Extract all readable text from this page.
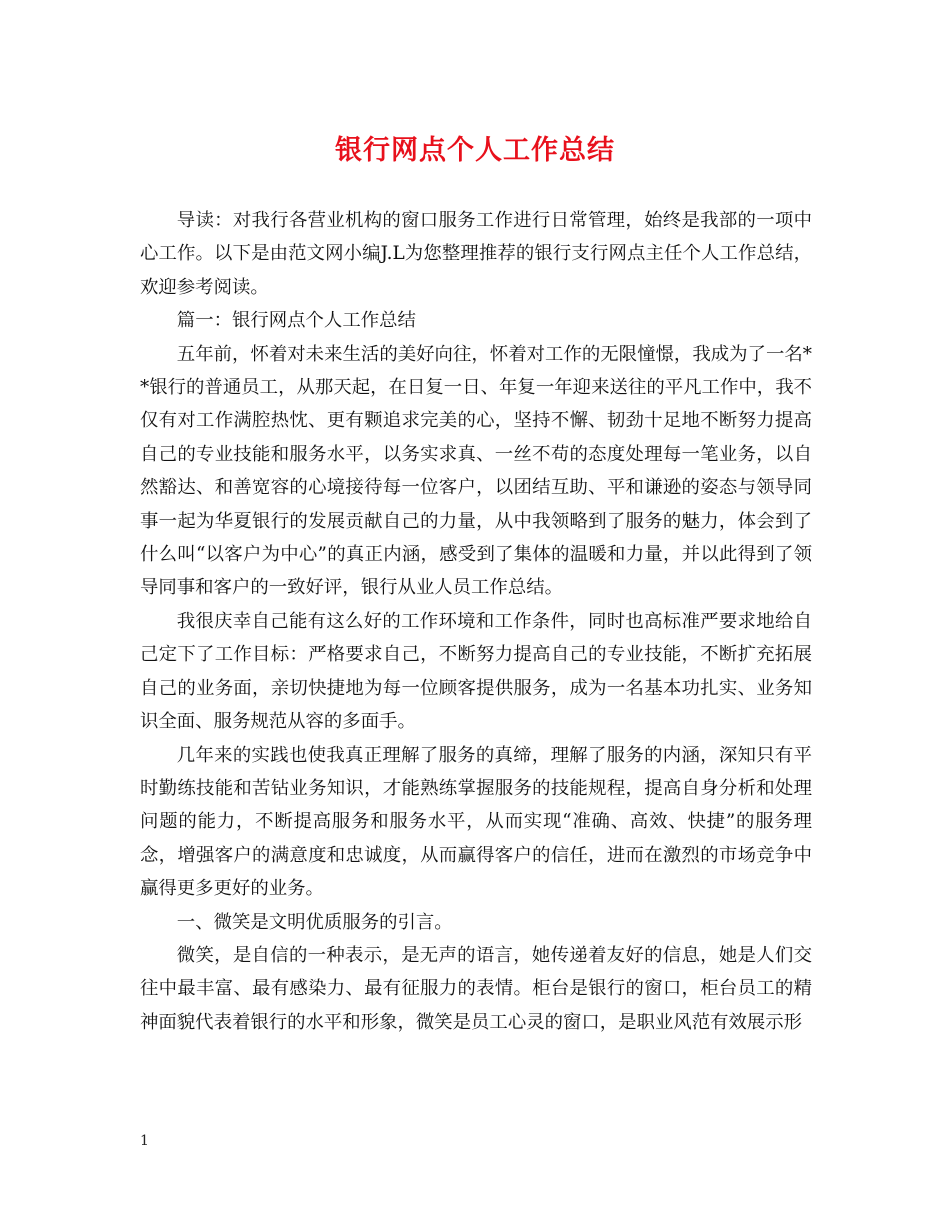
银行网点个人工作总结

导读：对我行各营业机构的窗口服务工作进行日常管理，始终是我部的一项中心工作。以下是由范文网小编J.L为您整理推荐的银行支行网点主任个人工作总结，欢迎参考阅读。

篇一：银行网点个人工作总结

五年前，怀着对未来生活的美好向往，怀着对工作的无限憧憬，我成为了一名**银行的普通员工，从那天起，在日复一日、年复一年迎来送往的平凡工作中，我不仅有对工作满腔热忱、更有颗追求完美的心，坚持不懈、韧劲十足地不断努力提高自己的专业技能和服务水平，以务实求真、一丝不苟的态度处理每一笔业务，以自然豁达、和善宽容的心境接待每一位客户，以团结互助、平和谦逊的姿态与领导同事一起为华夏银行的发展贡献自己的力量，从中我领略到了服务的魅力，体会到了什么叫“以客户为中心”的真正内涵，感受到了集体的温暖和力量，并以此得到了领导同事和客户的一致好评，银行从业人员工作总结。

我很庆幸自己能有这么好的工作环境和工作条件，同时也高标准严要求地给自己定下了工作目标：严格要求自己，不断努力提高自己的专业技能，不断扩充拓展自己的业务面，亲切快捷地为每一位顾客提供服务，成为一名基本功扎实、业务知识全面、服务规范从容的多面手。

几年来的实践也使我真正理解了服务的真缔，理解了服务的内涵，深知只有平时勤练技能和苦钻业务知识，才能熟练掌握服务的技能规程，提高自身分析和处理问题的能力，不断提高服务和服务水平，从而实现“准确、高效、快捷”的服务理念，增强客户的满意度和忠诚度，从而赢得客户的信任，进而在激烈的市场竞争中赢得更多更好的业务。

一、微笑是文明优质服务的引言。

微笑，是自信的一种表示，是无声的语言，她传递着友好的信息，她是人们交往中最丰富、最有感染力、最有征服力的表情。柜台是银行的窗口，柜台员工的精神面貌代表着银行的水平和形象，微笑是员工心灵的窗口，是职业风范有效展示形

1
